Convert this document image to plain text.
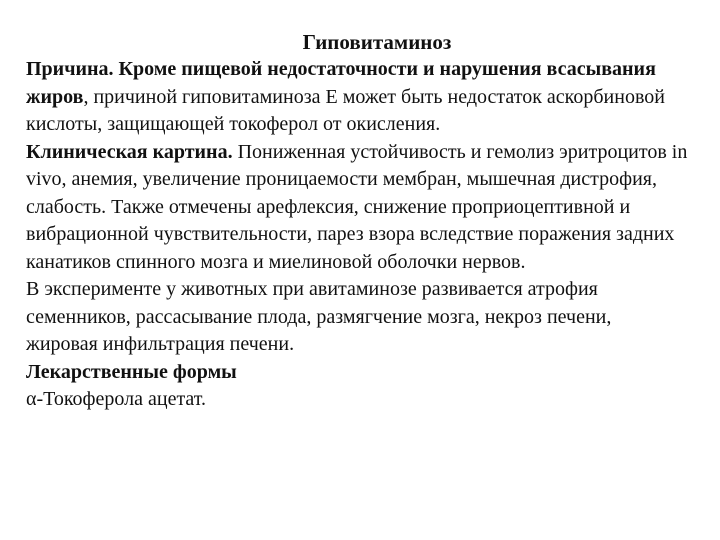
Гиповитаминоз

Причина. Кроме пищевой недостаточности и нарушения всасывания жиров, причиной гиповитаминоза Е может быть недостаток аскорбиновой кислоты, защищающей токоферол от окисления.

Клиническая картина. Пониженная устойчивость и гемолиз эритроцитов in vivo, анемия, увеличение проницаемости мембран, мышечная дистрофия, слабость. Также отмечены арефлексия, снижение проприоцептивной и вибрационной чувствительности, парез взора вследствие поражения задних канатиков спинного мозга и миелиновой оболочки нервов.

В эксперименте у животных при авитаминозе развивается атрофия семенников, рассасывание плода, размягчение мозга, некроз печени, жировая инфильтрация печени.

Лекарственные формы

α-Токоферола ацетат.
